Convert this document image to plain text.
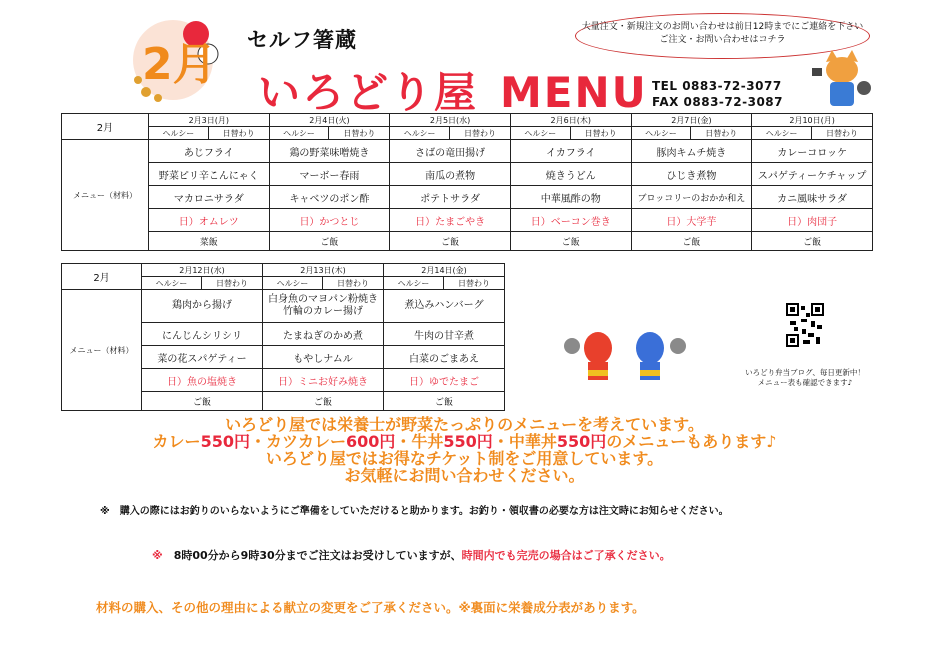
2月 セルフ箸蔵
いろどり屋 MENU
大量注文・新規注文のお問い合わせは前日12時までにご連絡を下さい
ご注文・お問い合わせはコチラ
TEL 0883-72-3077
FAX 0883-72-3087
2月	2月3日(月)		2月4日(火)		2月5日(水)		2月6日(木)		2月7日(金)		2月10日(月)	
	ヘルシー	日替わり	ヘルシー	日替わり	ヘルシー	日替わり	ヘルシー	日替わり	ヘルシー	日替わり	ヘルシー	日替わり
メニュー（材料）	あじフライ		鶏の野菜味噌焼き		さばの竜田揚げ		イカフライ		豚肉キムチ焼き		カレーコロッケ	
	野菜ピリ辛こんにゃく		マーボー春雨		南瓜の煮物		焼きうどん		ひじき煮物		スパゲティーケチャップ	
	マカロニサラダ		キャベツのポン酢		ポテトサラダ		中華風酢の物		ブロッコリーのおかか和え		カニ風味サラダ	
	日）オムレツ		日）かつとじ		日）たまごやき		日）ベーコン巻き		日）大学芋		日）肉団子	
	菜飯		ご飯		ご飯		ご飯		ご飯		ご飯	
2月	2月12日(水)		2月13日(木)		2月14日(金)	
	ヘルシー	日替わり	ヘルシー	日替わり	ヘルシー	日替わり
メニュー（材料）	鶏肉から揚げ		白身魚のマヨパン粉焼き 竹輪のカレー揚げ		煮込みハンバーグ	
	にんじんシリシリ		たまねぎのかめ煮		牛肉の甘辛煮	
	菜の花スパゲティー		もやしナムル		白菜のごまあえ	
	日）魚の塩焼き		日）ミニお好み焼き		日）ゆでたまご	
	ご飯		ご飯		ご飯	
いろどり弁当ブログ、毎日更新中！
メニュー表も確認できます♪
いろどり屋では栄養士が野菜たっぷりのメニューを考えています。
カレー550円・カツカレー600円・牛丼550円・中華丼550円のメニューもあります♪
いろどり屋ではお得なチケット制をご用意しています。
お気軽にお問い合わせください。
※　購入の際にはお釣りのいらないようにご準備をしていただけると助かります。お釣り・領収書の必要な方は注文時にお知らせください。
※　8時00分から9時30分までご注文はお受けしていますが、時間内でも完売の場合はご了承ください。
材料の購入、その他の理由による献立の変更をご了承ください。※裏面に栄養成分表があります。
